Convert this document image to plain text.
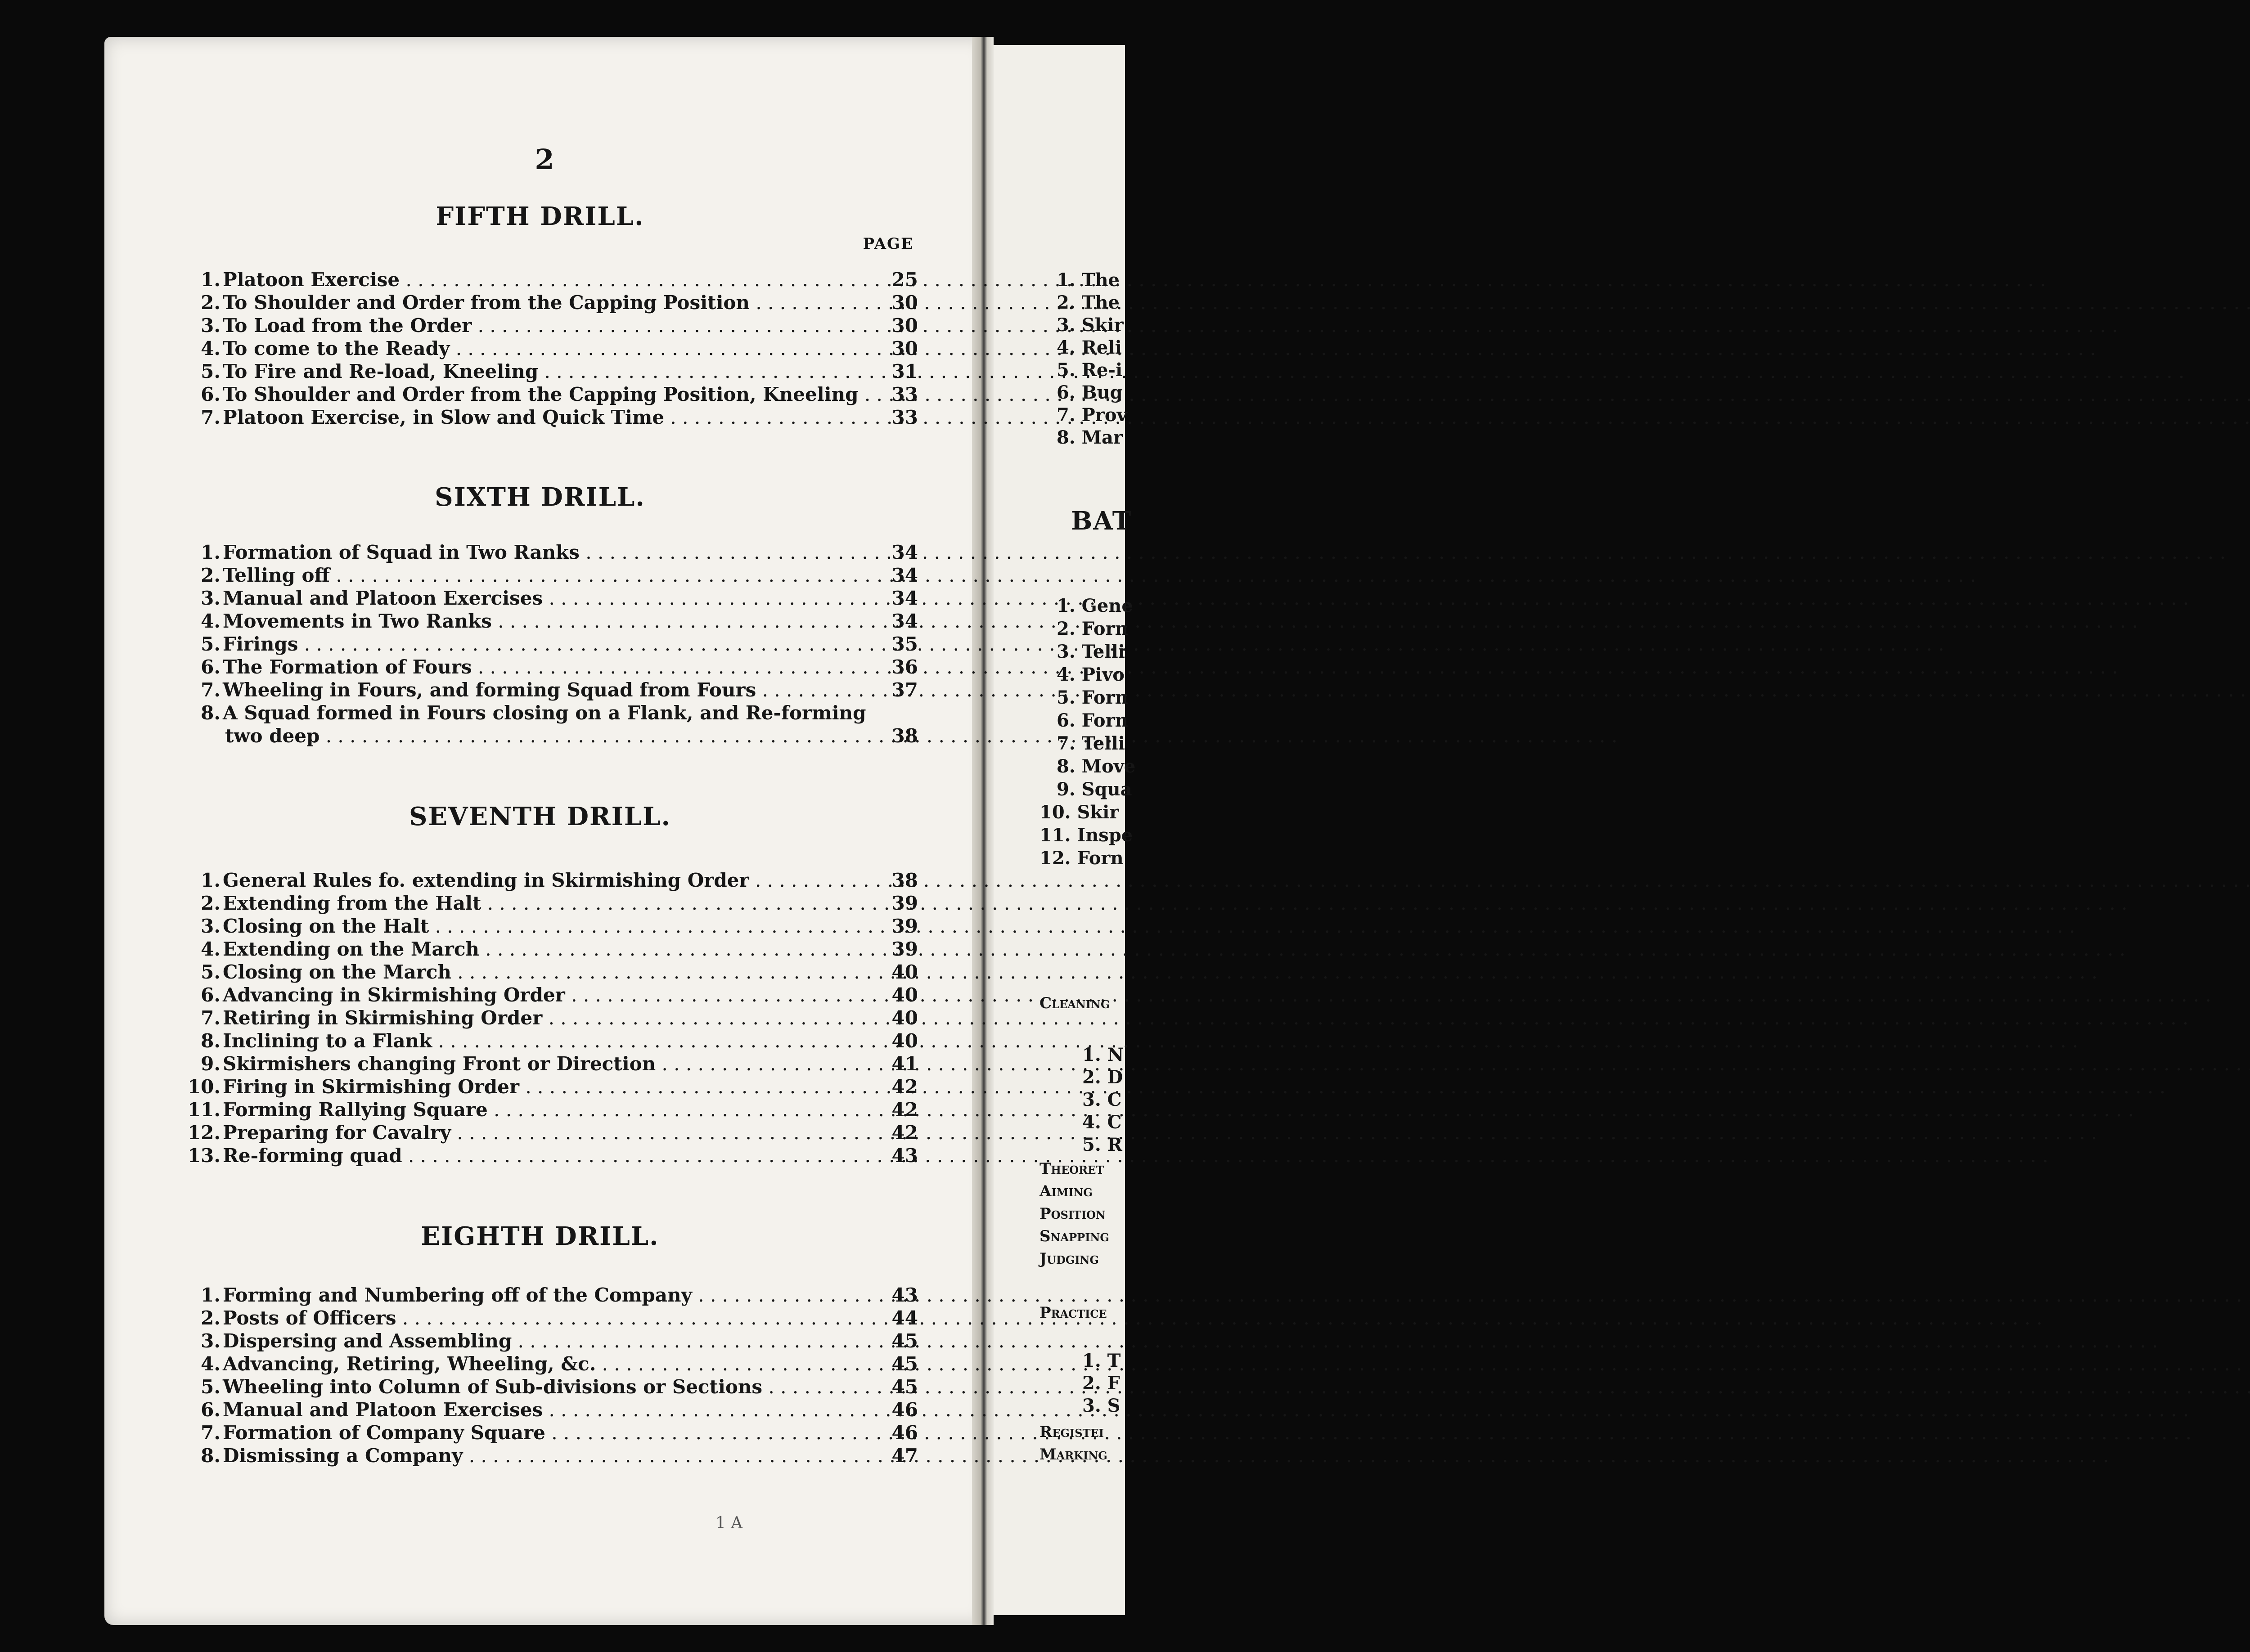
2
FIFTH DRILL.
PAGE
1. Platoon Exercise . . .	25
2. To Shoulder and Order from the Capping Position . . .	30
3. To Load from the Order . . .	30
4. To come to the Ready . . .	30
5. To Fire and Re-load, Kneeling . . .	31
6. To Shoulder and Order from the Capping Position, Kneeling . . .	33
7. Platoon Exercise, in Slow and Quick Time . . .	33
SIXTH DRILL.
1. Formation of Squad in Two Ranks . . .	34
2. Telling off . . .	34
3. Manual and Platoon Exercises . . .	34
4. Movements in Two Ranks . . .	34
5. Firings . . .	35
6. The Formation of Fours . . .	36
7. Wheeling in Fours, and forming Squad from Fours . . .	37
8. A Squad formed in Fours closing on a Flank, and Re-forming
two deep . . .	38
SEVENTH DRILL.
1. General Rules fo. extending in Skirmishing Order . . .	38
2. Extending from the Halt . . .	39
3. Closing on the Halt . . .	39
4. Extending on the March . . .	39
5. Closing on the March . . .	40
6. Advancing in Skirmishing Order . . .	40
7. Retiring in Skirmishing Order . . .	40
8. Inclining to a Flank . . .	40
9. Skirmishers changing Front or Direction . . .	41
10. Firing in Skirmishing Order . . .	42
11. Forming Rallying Square . . .	42
12. Preparing for Cavalry . . .	42
13. Re-forming quad . . .	43
EIGHTH DRILL.
1. Forming and Numbering off of the Company . . .	43
2. Posts of Officers . . .	44
3. Dispersing and Assembling . . .	45
4. Advancing, Retiring, Wheeling, &c. . . .	45
5. Wheeling into Column of Sub-divisions or Sections . . .	45
6. Manual and Platoon Exercises . . .	46
7. Formation of Company Square . . .	46
8. Dismissing a Company . . .	47
1 A
1. The
2. The
3. Skir
4. Reli
5. Re-i
6. Bug
7. Prov
8. Mar
BAT
1. Gene
2. Forn
3. Telli
4. Pivo
5. Forn
6. Forn
7. Telli
8. Move
9. Squa
10. Skir
11. Inspe
12. Forn
Cleaning
1. N
2. D
3. C
4. C
5. R
Theoret
Aiming
Position
Snapping
Judging
Practice
1. T
2. F
3. S
Registei
Marking
